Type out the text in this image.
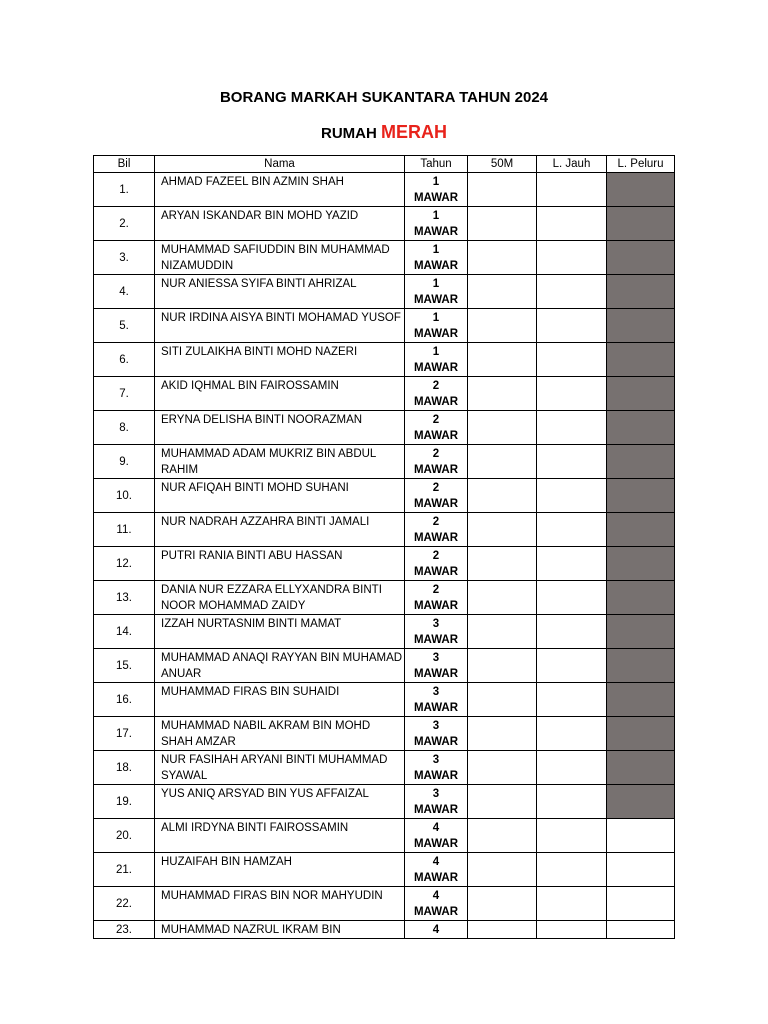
BORANG MARKAH SUKANTARA TAHUN 2024
RUMAH MERAH
Bil	Nama	Tahun	50M	L. Jauh	L. Peluru
1.	AHMAD FAZEEL BIN AZMIN SHAH	1
MAWAR			

2.	ARYAN ISKANDAR BIN MOHD YAZID	1
MAWAR			

3.	MUHAMMAD SAFIUDDIN BIN MUHAMMAD NIZAMUDDIN	1
MAWAR			

4.	NUR ANIESSA SYIFA BINTI AHRIZAL	1
MAWAR			

5.	NUR IRDINA AISYA BINTI MOHAMAD YUSOF	1
MAWAR			

6.	SITI ZULAIKHA BINTI MOHD NAZERI	1
MAWAR			

7.	AKID IQHMAL BIN FAIROSSAMIN	2
MAWAR			

8.	ERYNA DELISHA BINTI NOORAZMAN	2
MAWAR			

9.	MUHAMMAD ADAM MUKRIZ BIN ABDUL RAHIM	2
MAWAR			

10.	NUR AFIQAH BINTI MOHD SUHANI	2
MAWAR			

11.	NUR NADRAH AZZAHRA BINTI JAMALI	2
MAWAR			

12.	PUTRI RANIA BINTI ABU HASSAN	2
MAWAR			

13.	DANIA NUR EZZARA ELLYXANDRA BINTI NOOR MOHAMMAD ZAIDY	2
MAWAR			

14.	IZZAH NURTASNIM BINTI MAMAT	3
MAWAR			

15.	MUHAMMAD ANAQI RAYYAN BIN MUHAMAD ANUAR	3
MAWAR			

16.	MUHAMMAD FIRAS BIN SUHAIDI	3
MAWAR			

17.	MUHAMMAD NABIL AKRAM BIN MOHD SHAH AMZAR	3
MAWAR			

18.	NUR FASIHAH ARYANI BINTI MUHAMMAD SYAWAL	3
MAWAR			

19.	YUS ANIQ ARSYAD BIN YUS AFFAIZAL	3
MAWAR			

20.	ALMI IRDYNA BINTI FAIROSSAMIN	4
MAWAR			

21.	HUZAIFAH BIN HAMZAH	4
MAWAR			

22.	MUHAMMAD FIRAS BIN NOR MAHYUDIN	4
MAWAR			

23.	MUHAMMAD NAZRUL IKRAM BIN	4			
